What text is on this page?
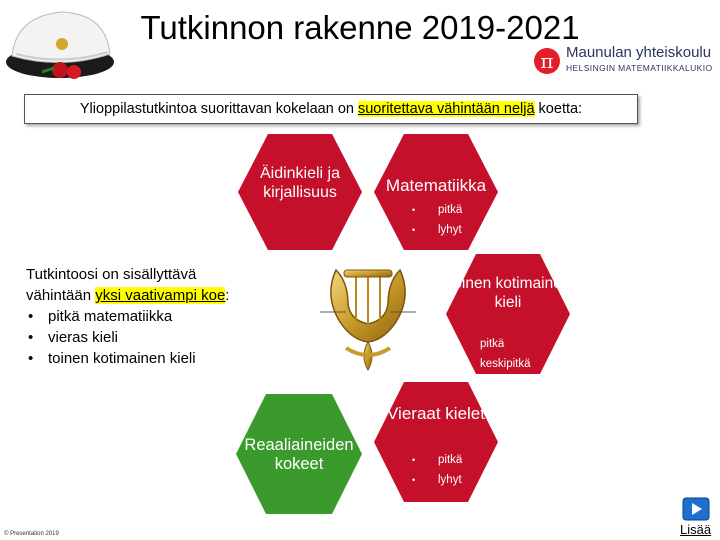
Tutkinnon rakenne 2019-2021
π Maunulan yhteiskoulu
HELSINGIN MATEMATIIKKALUKIO
Ylioppilastutkintoa suorittavan kokelaan on suoritettava vähintään neljä koetta:
Äidinkieli ja kirjallisuus	Matematiikka
• pitkä
• lyhyt
Toinen kotimainen kieli
• pitkä
• keskipitkä
Vieraat kielet
• pitkä
• lyhyt
Reaaliaineiden kokeet
Tutkintoosi on sisällyttävä
vähintään yksi vaativampi koe:
• pitkä matematiikka
• vieras kieli
• toinen kotimainen kieli
© Presentation 2019	Lisää
